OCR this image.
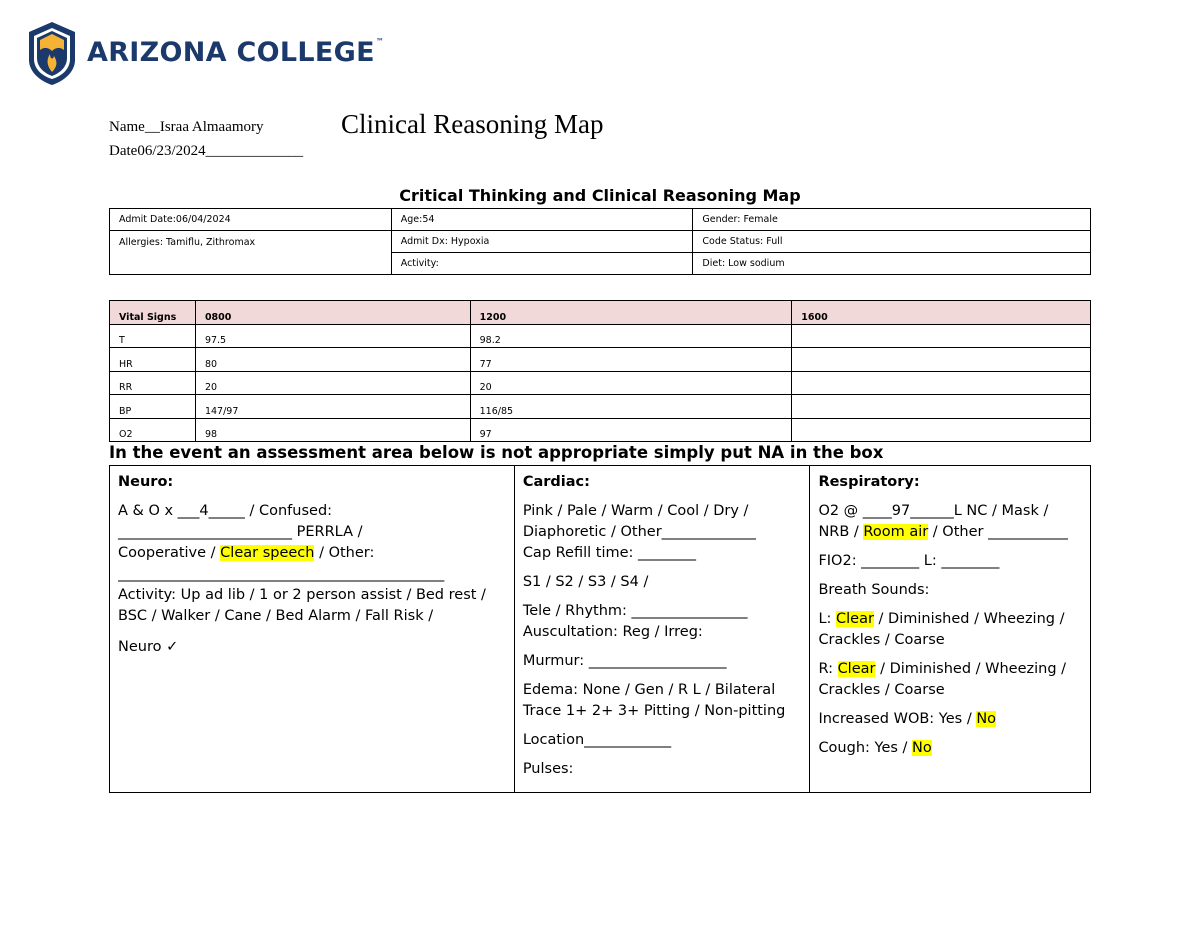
ARIZONA COLLEGE™
Name__Israa Almaamory
Date06/23/2024_____________
Clinical Reasoning Map
Critical Thinking and Clinical Reasoning Map
Admit Date:06/04/2024	Age:54	Gender: Female
Allergies: Tamiflu, Zithromax	Admit Dx: Hypoxia	Code Status: Full
	Activity:	Diet: Low sodium
Vital Signs	0800	1200	1600
T	97.5	98.2	
HR	80	77	
RR	20	20	
BP	147/97	116/85	
O2	98	97	
In the event an assessment area below is not appropriate simply put NA in the box

Neuro:

A & O x ___4_____ / Confused:
________________________ PERRLA /
Cooperative / Clear speech / Other:

_____________________________________________

Activity: Up ad lib / 1 or 2 person assist / Bed rest / BSC / Walker / Cane / Bed Alarm / Fall Risk /
Neuro ✓

Cardiac:

Pink / Pale / Warm / Cool / Dry / Diaphoretic / Other_____________

Cap Refill time: ________

S1 / S2 / S3 / S4 /

Tele / Rhythm: ________________

Auscultation: Reg / Irreg:

Murmur: ___________________

Edema: None / Gen / R L / Bilateral Trace 1+ 2+ 3+ Pitting / Non-pitting

Location____________

Pulses:

Respiratory:

O2 @ ____97______L NC / Mask / NRB / Room air / Other ___________

FIO2: ________ L: ________

Breath Sounds:

L: Clear / Diminished / Wheezing / Crackles / Coarse

R: Clear / Diminished / Wheezing / Crackles / Coarse

Increased WOB: Yes / No

Cough: Yes / No
